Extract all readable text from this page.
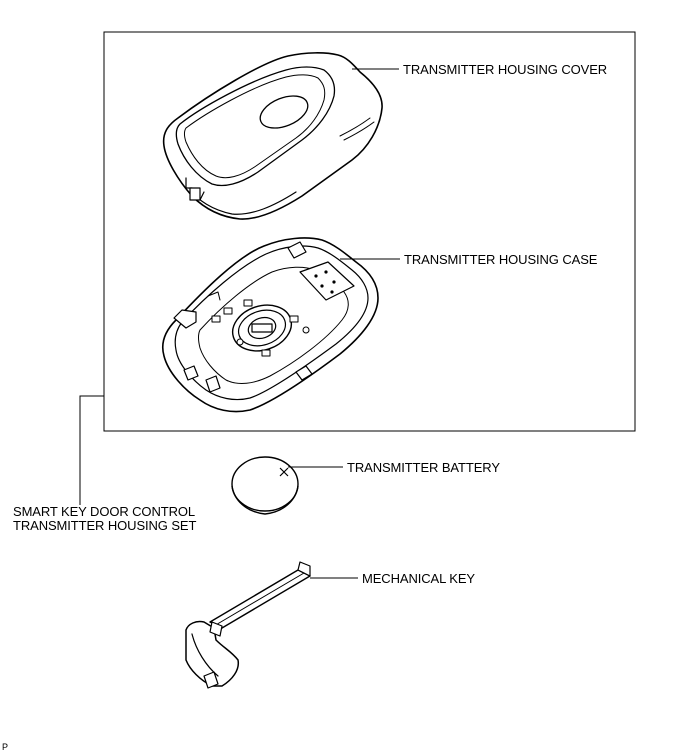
TRANSMITTER HOUSING COVER
TRANSMITTER HOUSING CASE
TRANSMITTER BATTERY
SMART KEY DOOR CONTROL
TRANSMITTER HOUSING SET
MECHANICAL KEY
P
